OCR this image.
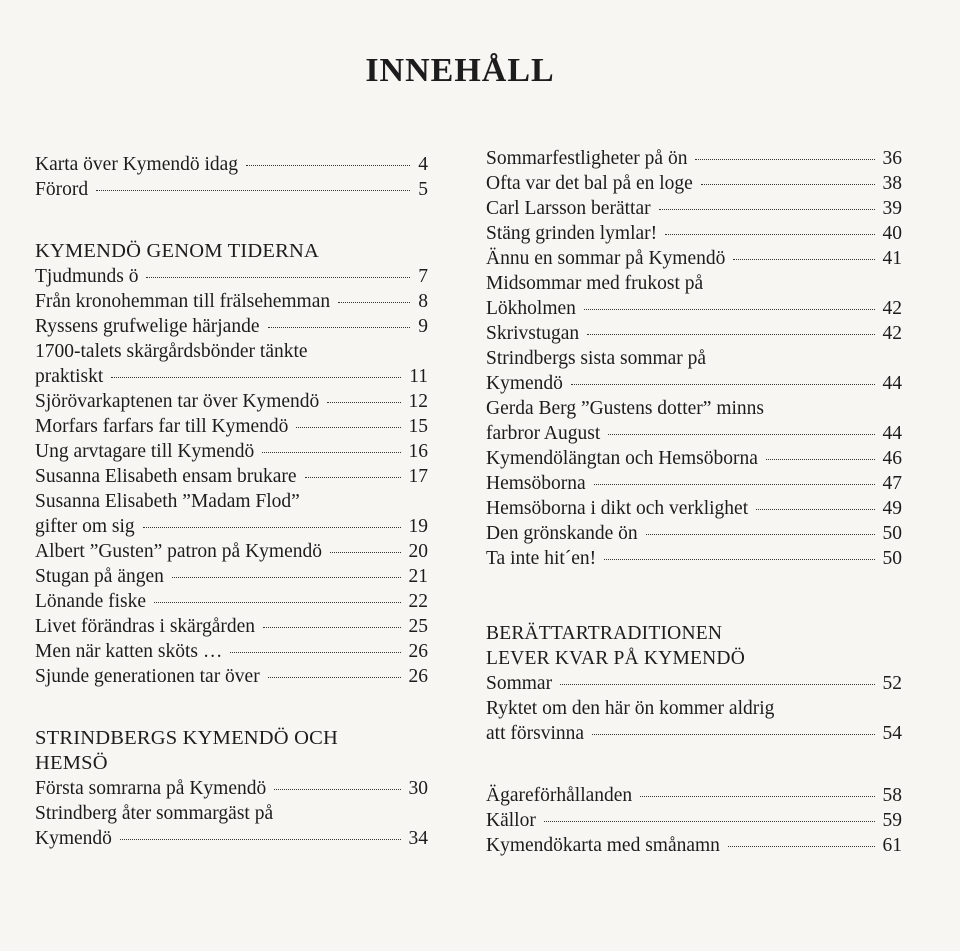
INNEHÅLL
Karta över Kymendö idag	4
Förord	5
KYMENDÖ GENOM TIDERNA
Tjudmunds ö	7
Från kronohemman till frälsehemman	8
Ryssens grufwelige härjande	9
1700-talets skärgårdsbönder tänkte
praktiskt	11
Sjörövarkaptenen tar över Kymendö	12
Morfars farfars far till Kymendö	15
Ung arvtagare till Kymendö	16
Susanna Elisabeth ensam brukare	17
Susanna Elisabeth ”Madam Flod”
gifter om sig	19
Albert ”Gusten” patron på Kymendö	20
Stugan på ängen	21
Lönande fiske	22
Livet förändras i skärgården	25
Men när katten sköts …	26
Sjunde generationen tar över	26
STRINDBERGS KYMENDÖ OCH
HEMSÖ
Första somrarna på Kymendö	30
Strindberg åter sommargäst på
Kymendö	34
Sommarfestligheter på ön	36
Ofta var det bal på en loge	38
Carl Larsson berättar	39
Stäng grinden lymlar!	40
Ännu en sommar på Kymendö	41
Midsommar med frukost på
Lökholmen	42
Skrivstugan	42
Strindbergs sista sommar på
Kymendö	44
Gerda Berg ”Gustens dotter” minns
farbror August	44
Kymendölängtan och Hemsöborna	46
Hemsöborna	47
Hemsöborna i dikt och verklighet	49
Den grönskande ön	50
Ta inte hit´en!	50
BERÄTTARTRADITIONEN
LEVER KVAR PÅ KYMENDÖ
Sommar	52
Ryktet om den här ön kommer aldrig
att försvinna	54
Ägareförhållanden	58
Källor	59
Kymendökarta med smånamn	61
